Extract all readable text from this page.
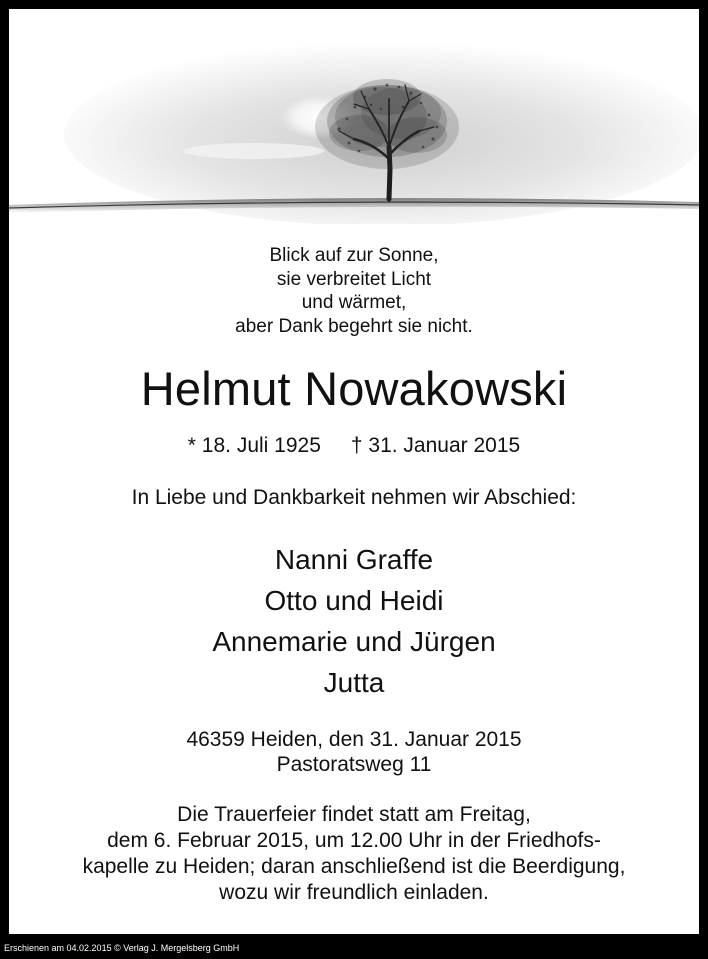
Blick auf zur Sonne,
sie verbreitet Licht
und wärmet,
aber Dank begehrt sie nicht.
Helmut Nowakowski
* 18. Juli 1925 † 31. Januar 2015
In Liebe und Dankbarkeit nehmen wir Abschied:
Nanni Graffe
Otto und Heidi
Annemarie und Jürgen
Jutta
46359 Heiden, den 31. Januar 2015
Pastoratsweg 11
Die Trauerfeier findet statt am Freitag,
dem 6. Februar 2015, um 12.00 Uhr in der Friedhofs-
kapelle zu Heiden; daran anschließend ist die Beerdigung,
wozu wir freundlich einladen.
Erschienen am 04.02.2015 © Verlag J. Mergelsberg GmbH
